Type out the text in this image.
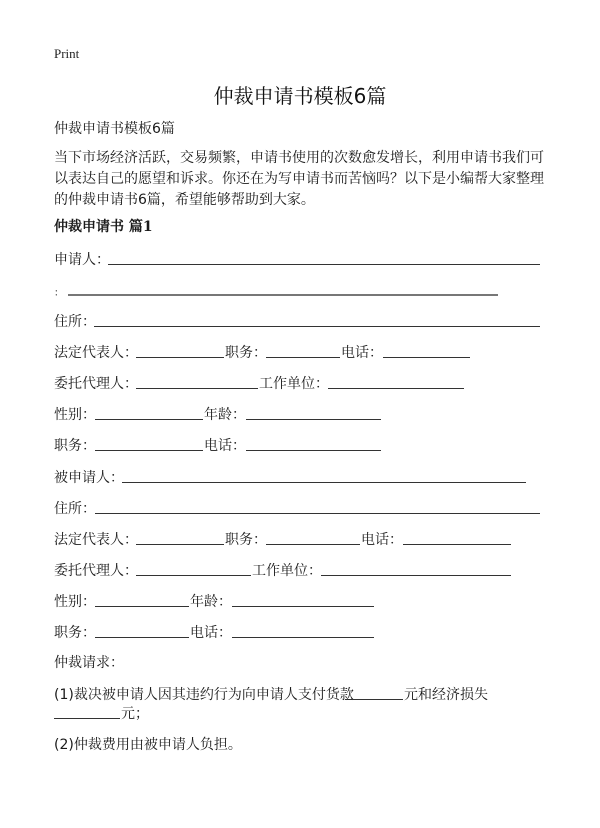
Print
仲裁申请书模板6篇
仲裁申请书模板6篇
当下市场经济活跃，交易频繁，申请书使用的次数愈发增长，利用申请书我们可以表达自己的愿望和诉求。你还在为写申请书而苦恼吗？以下是小编帮大家整理的仲裁申请书6篇，希望能够帮助到大家。
仲裁申请书 篇1
申请人：
：
住所：
法定代表人：	职务：	电话：
委托代理人：	工作单位：
性别：	年龄：
职务：	电话：
被申请人：
住所：
法定代表人：	职务：	电话：
委托代理人：	工作单位：
性别：	年龄：
职务：	电话：
仲裁请求：
(1)裁决被申请人因其违约行为向申请人支付货款	元和经济损失
元；
(2)仲裁费用由被申请人负担。
